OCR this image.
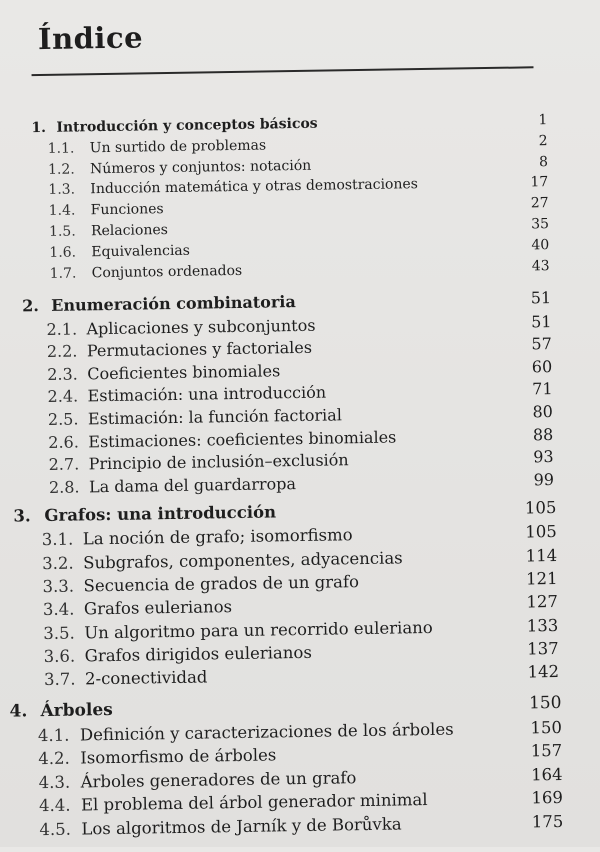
Índice
1. Introducción y conceptos básicos	1
1.1. Un surtido de problemas	2
1.2. Números y conjuntos: notación	8
1.3. Inducción matemática y otras demostraciones	17
1.4. Funciones	27
1.5. Relaciones	35
1.6. Equivalencias	40
1.7. Conjuntos ordenados	43
2. Enumeración combinatoria	51
2.1. Aplicaciones y subconjuntos	51
2.2. Permutaciones y factoriales	57
2.3. Coeficientes binomiales	60
2.4. Estimación: una introducción	71
2.5. Estimación: la función factorial	80
2.6. Estimaciones: coeficientes binomiales	88
2.7. Principio de inclusión–exclusión	93
2.8. La dama del guardarropa	99
3. Grafos: una introducción	105
3.1. La noción de grafo; isomorfismo	105
3.2. Subgrafos, componentes, adyacencias	114
3.3. Secuencia de grados de un grafo	121
3.4. Grafos eulerianos	127
3.5. Un algoritmo para un recorrido euleriano	133
3.6. Grafos dirigidos eulerianos	137
3.7. 2-conectividad	142
4. Árboles	150
4.1. Definición y caracterizaciones de los árboles	150
4.2. Isomorfismo de árboles	157
4.3. Árboles generadores de un grafo	164
4.4. El problema del árbol generador minimal	169
4.5. Los algoritmos de Jarník y de Borůvka	175
